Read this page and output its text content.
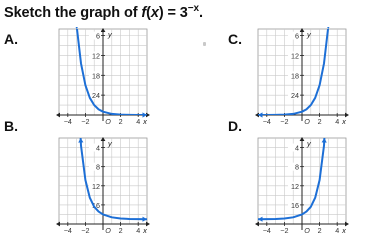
Sketch the graph of $f(x) = 3^{-x}$.
A.
B.
C.
D.
24
18
12
6
−4 −2 O 2 4 x
y
16
12
8
4
−4 −2 O 2 4 x
y
24
18
12
6
−4 −2 O 2 4 x
y
16
12
8
4
−4 −2 O 2 4 x
y
